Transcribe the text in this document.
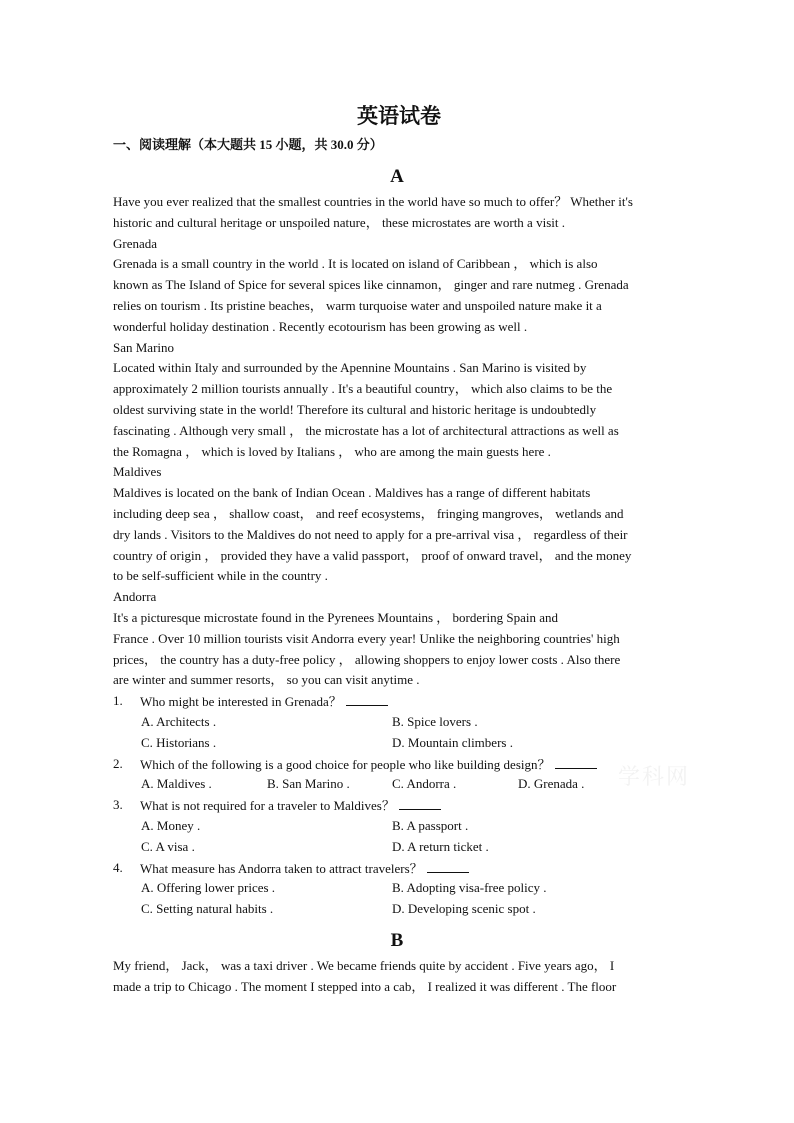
英语试卷
一、阅读理解（本大题共 15 小题，共 30.0 分）
A
Have you ever realized that the smallest countries in the world have so much to offer？ Whether it's
historic and cultural heritage or unspoiled nature， these microstates are worth a visit .
Grenada
Grenada is a small country in the world . It is located on island of Caribbean ， which is also
known as The Island of Spice for several spices like cinnamon， ginger and rare nutmeg . Grenada
relies on tourism . Its pristine beaches， warm turquoise water and unspoiled nature make it a
wonderful holiday destination . Recently ecotourism has been growing as well .
San Marino
Located within Italy and surrounded by the Apennine Mountains . San Marino is visited by
approximately 2 million tourists annually . It's a beautiful country， which also claims to be the
oldest surviving state in the world! Therefore its cultural and historic heritage is undoubtedly
fascinating . Although very small ， the microstate has a lot of architectural attractions as well as
the Romagna ， which is loved by Italians ， who are among the main guests here .
Maldives
Maldives is located on the bank of Indian Ocean . Maldives has a range of different habitats
including deep sea ， shallow coast， and reef ecosystems， fringing mangroves， wetlands and
dry lands . Visitors to the Maldives do not need to apply for a pre-arrival visa ， regardless of their
country of origin ， provided they have a valid passport， proof of onward travel， and the money
to be self-sufficient while in the country .
Andorra
It's a picturesque microstate found in the Pyrenees Mountains ， bordering Spain and
France . Over 10 million tourists visit Andorra every year! Unlike the neighboring countries' high
prices， the country has a duty-free policy ， allowing shoppers to enjoy lower costs . Also there
are winter and summer resorts， so you can visit anytime .
1. Who might be interested in Grenada？
A. Architects .	B. Spice lovers .
C. Historians .	D. Mountain climbers .
2. Which of the following is a good choice for people who like building design？
A. Maldives .	B. San Marino .	C. Andorra .	D. Grenada .
3. What is not required for a traveler to Maldives？
A. Money .	B. A passport .
C. A visa .	D. A return ticket .
4. What measure has Andorra taken to attract travelers？
A. Offering lower prices .	B. Adopting visa-free policy .
C. Setting natural habits .	D. Developing scenic spot .
B
My friend， Jack， was a taxi driver . We became friends quite by accident . Five years ago， I
made a trip to Chicago . The moment I stepped into a cab， I realized it was different . The floor
学科网
